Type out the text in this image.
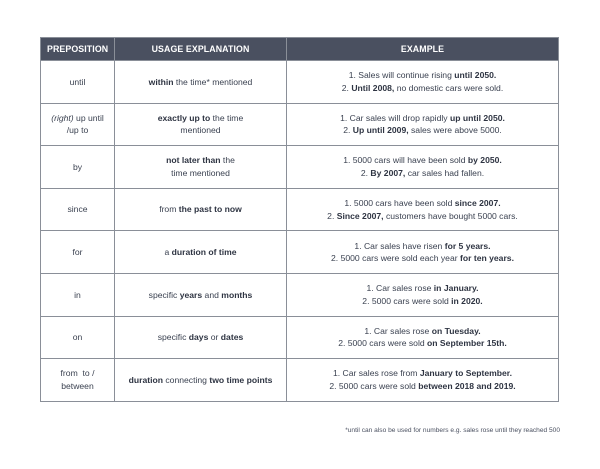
PREPOSITION	USAGE EXPLANATION	EXAMPLE
until	within the time* mentioned	1. Sales will continue rising until 2050.
2. Until 2008, no domestic cars were sold.

(right) up until
/up to	exactly up to the time
mentioned	1. Car sales will drop rapidly up until 2050.
2. Up until 2009, sales were above 5000.

by	not later than the
time mentioned	1. 5000 cars will have been sold by 2050.
2. By 2007, car sales had fallen.

since	from the past to now	1. 5000 cars have been sold since 2007.
2. Since 2007, customers have bought 5000 cars.

for	a duration of time	1. Car sales have risen for 5 years.
2. 5000 cars were sold each year for ten years.

in	specific years and months	1. Car sales rose in January.
2. 5000 cars were sold in 2020.

on	specific days or dates	1. Car sales rose on Tuesday.
2. 5000 cars were sold on September 15th.

from  to /
between	duration connecting two time points	1. Car sales rose from January to September.
2. 5000 cars were sold between 2018 and 2019.
*until can also be used for numbers e.g. sales rose until they reached 500
